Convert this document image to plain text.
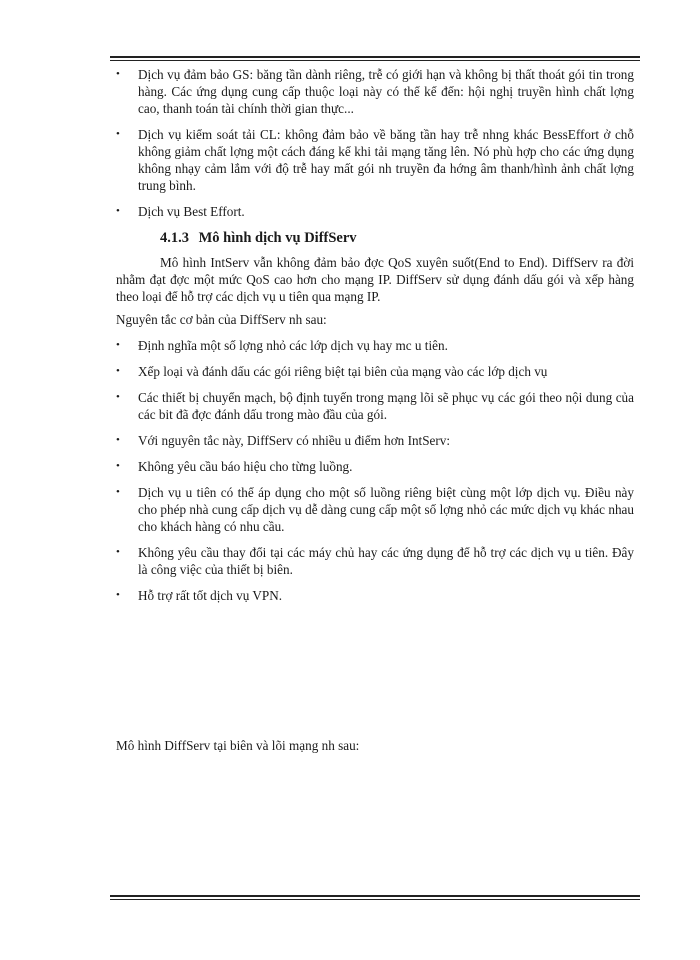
• Dịch vụ đảm bảo GS: băng tần dành riêng, trễ có giới hạn và không bị thất thoát gói tin trong hàng. Các ứng dụng cung cấp thuộc loại này có thể kể đến: hội nghị truyền hình chất lợng cao, thanh toán tài chính thời gian thực...
• Dịch vụ kiểm soát tải CL: không đảm bảo về băng tần hay trễ nhng khác BessEffort ở chỗ không giảm chất lợng một cách đáng kể khi tải mạng tăng lên. Nó phù hợp cho các ứng dụng không nhạy cảm lắm với độ trễ hay mất gói nh truyền đa hớng âm thanh/hình ảnh chất lợng trung bình.
• Dịch vụ Best Effort.
4.1.3 Mô hình dịch vụ DiffServ

Mô hình IntServ vẫn không đảm bảo đợc QoS xuyên suốt(End to End). DiffServ ra đời nhằm đạt đợc một mức QoS cao hơn cho mạng IP. DiffServ sử dụng đánh dấu gói và xếp hàng theo loại để hỗ trợ các dịch vụ u tiên qua mạng IP.

Nguyên tắc cơ bản của DiffServ nh sau:

• Định nghĩa một số lợng nhỏ các lớp dịch vụ hay mc u tiên.
• Xếp loại và đánh dấu các gói riêng biệt tại biên của mạng vào các lớp dịch vụ
• Các thiết bị chuyển mạch, bộ định tuyến trong mạng lõi sẽ phục vụ các gói theo nội dung của các bit đã đợc đánh dấu trong mào đầu của gói.
• Với nguyên tắc này, DiffServ có nhiều u điểm hơn IntServ:
• Không yêu cầu báo hiệu cho từng luồng.
• Dịch vụ u tiên có thể áp dụng cho một số luồng riêng biệt cùng một lớp dịch vụ. Điều này cho phép nhà cung cấp dịch vụ dễ dàng cung cấp một số lợng nhỏ các mức dịch vụ khác nhau cho khách hàng có nhu cầu.
• Không yêu cầu thay đổi tại các máy chủ hay các ứng dụng để hỗ trợ các dịch vụ u tiên. Đây là công việc của thiết bị biên.
• Hỗ trợ rất tốt dịch vụ VPN.
Mô hình DiffServ tại biên và lõi mạng nh sau:
